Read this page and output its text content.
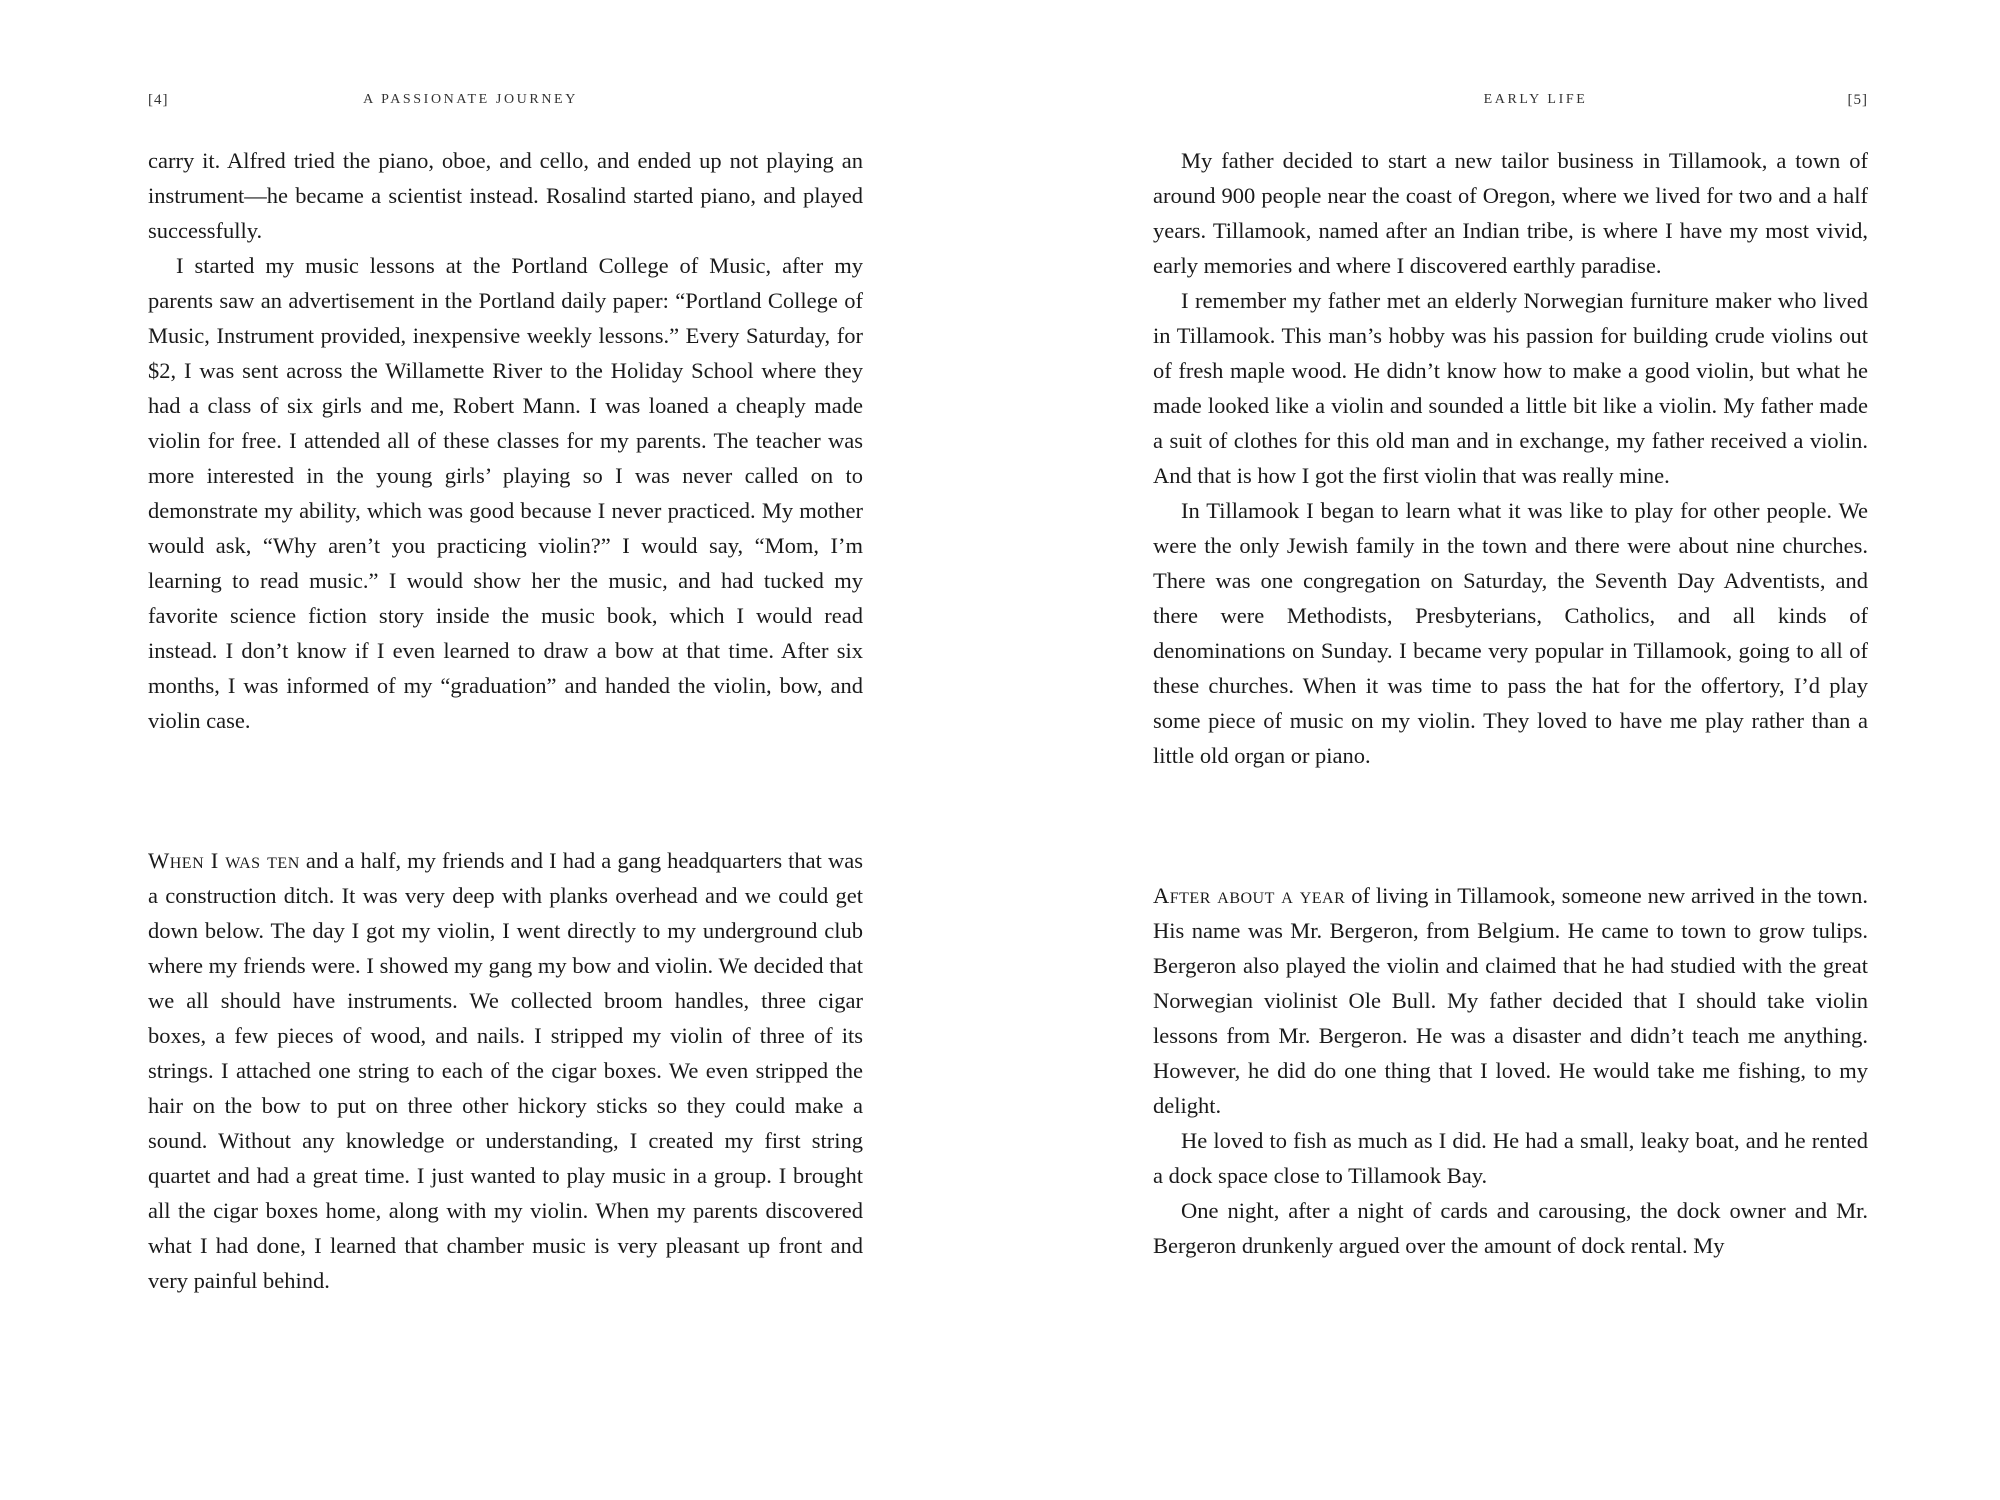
[4]	A PASSIONATE JOURNEY

carry it. Alfred tried the piano, oboe, and cello, and ended up not playing an instrument—he became a scientist instead. Rosalind started piano, and played successfully.

I started my music lessons at the Portland College of Music, after my parents saw an advertisement in the Portland daily paper: “Portland College of Music, Instrument provided, inexpensive weekly lessons.” Every Saturday, for $2, I was sent across the Willamette River to the Holiday School where they had a class of six girls and me, Robert Mann. I was loaned a cheaply made violin for free. I attended all of these classes for my parents. The teacher was more interested in the young girls’ playing so I was never called on to demonstrate my ability, which was good because I never practiced. My mother would ask, “Why aren’t you practicing violin?” I would say, “Mom, I’m learning to read music.” I would show her the music, and had tucked my favorite science fiction story inside the music book, which I would read instead. I don’t know if I even learned to draw a bow at that time. After six months, I was informed of my “graduation” and handed the violin, bow, and violin case.

When I was ten and a half, my friends and I had a gang headquarters that was a construction ditch. It was very deep with planks overhead and we could get down below. The day I got my violin, I went directly to my underground club where my friends were. I showed my gang my bow and violin. We decided that we all should have instruments. We collected broom handles, three cigar boxes, a few pieces of wood, and nails. I stripped my violin of three of its strings. I attached one string to each of the cigar boxes. We even stripped the hair on the bow to put on three other hickory sticks so they could make a sound. Without any knowledge or understanding, I created my first string quartet and had a great time. I just wanted to play music in a group. I brought all the cigar boxes home, along with my violin. When my parents discovered what I had done, I learned that chamber music is very pleasant up front and very painful behind.

EARLY LIFE	[5]

My father decided to start a new tailor business in Tillamook, a town of around 900 people near the coast of Oregon, where we lived for two and a half years. Tillamook, named after an Indian tribe, is where I have my most vivid, early memories and where I discovered earthly paradise.

I remember my father met an elderly Norwegian furniture maker who lived in Tillamook. This man’s hobby was his passion for building crude violins out of fresh maple wood. He didn’t know how to make a good violin, but what he made looked like a violin and sounded a little bit like a violin. My father made a suit of clothes for this old man and in exchange, my father received a violin. And that is how I got the first violin that was really mine.

In Tillamook I began to learn what it was like to play for other people. We were the only Jewish family in the town and there were about nine churches. There was one congregation on Saturday, the Seventh Day Adventists, and there were Methodists, Presbyterians, Catholics, and all kinds of denominations on Sunday. I became very popular in Tillamook, going to all of these churches. When it was time to pass the hat for the offertory, I’d play some piece of music on my violin. They loved to have me play rather than a little old organ or piano.

After about a year of living in Tillamook, someone new arrived in the town. His name was Mr. Bergeron, from Belgium. He came to town to grow tulips. Bergeron also played the violin and claimed that he had studied with the great Norwegian violinist Ole Bull. My father decided that I should take violin lessons from Mr. Bergeron. He was a disaster and didn’t teach me anything. However, he did do one thing that I loved. He would take me fishing, to my delight.

He loved to fish as much as I did. He had a small, leaky boat, and he rented a dock space close to Tillamook Bay.

One night, after a night of cards and carousing, the dock owner and Mr. Bergeron drunkenly argued over the amount of dock rental. My
